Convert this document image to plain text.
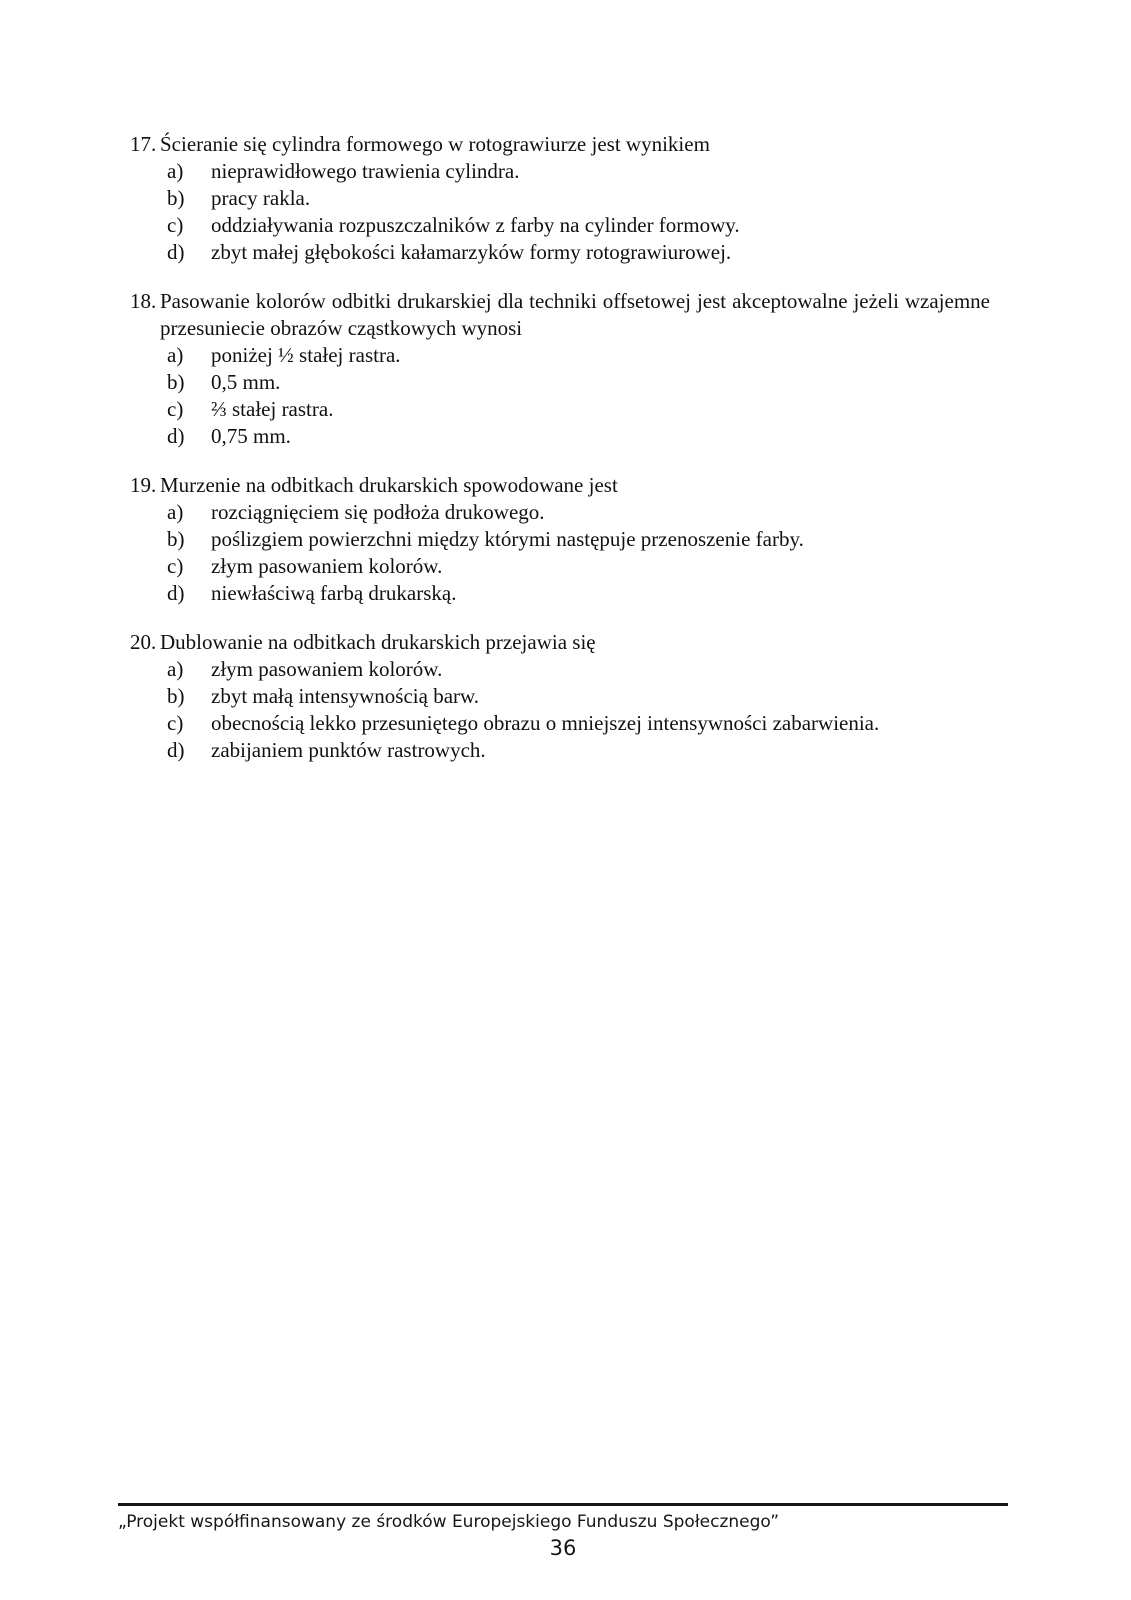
17. Ścieranie się cylindra formowego w rotograwiurze jest wynikiem
a)	nieprawidłowego trawienia cylindra.
b)	pracy rakla.
c)	oddziaływania rozpuszczalników z farby na cylinder formowy.
d)	zbyt małej głębokości kałamarzyków formy rotograwiurowej.
18. Pasowanie kolorów odbitki drukarskiej dla techniki offsetowej jest akceptowalne jeżeli wzajemne przesuniecie obrazów cząstkowych wynosi
a)	poniżej ½ stałej rastra.
b)	0,5 mm.
c)	⅔ stałej rastra.
d)	0,75 mm.
19. Murzenie na odbitkach drukarskich spowodowane jest
a)	rozciągnięciem się podłoża drukowego.
b)	poślizgiem powierzchni między którymi następuje przenoszenie farby.
c)	złym pasowaniem kolorów.
d)	niewłaściwą farbą drukarską.
20. Dublowanie na odbitkach drukarskich przejawia się
a)	złym pasowaniem kolorów.
b)	zbyt małą intensywnością barw.
c)	obecnością lekko przesuniętego obrazu o mniejszej intensywności zabarwienia.
d)	zabijaniem punktów rastrowych.
„Projekt współfinansowany ze środków Europejskiego Funduszu Społecznego”
36
